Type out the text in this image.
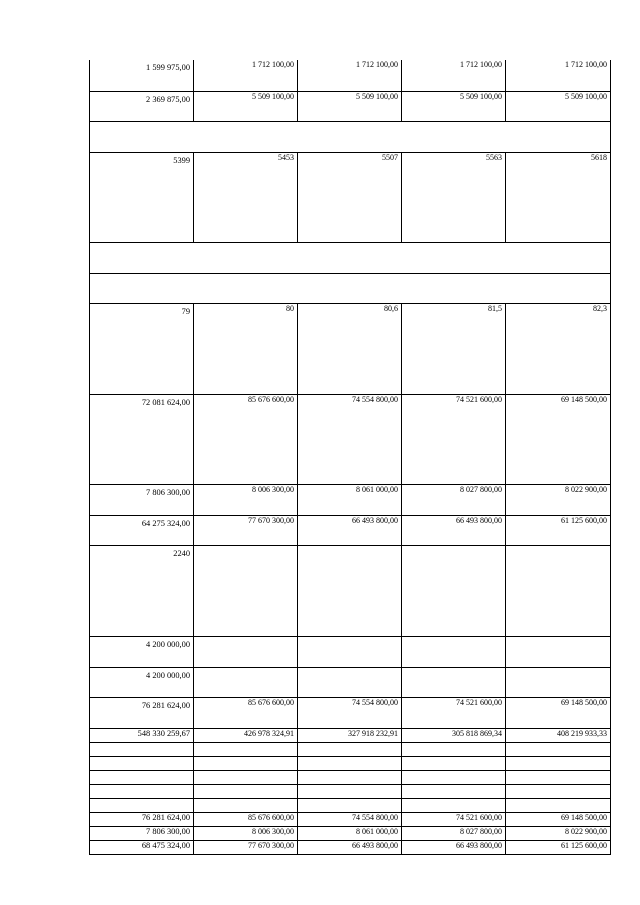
1 599 975,00	1 712 100,00	1 712 100,00	1 712 100,00	1 712 100,00
2 369 875,00	5 509 100,00	5 509 100,00	5 509 100,00	5 509 100,00

5399	5453	5507	5563	5618

79	80	80,6	81,5	82,3
72 081 624,00	85 676 600,00	74 554 800,00	74 521 600,00	69 148 500,00
7 806 300,00	8 006 300,00	8 061 000,00	8 027 800,00	8 022 900,00
64 275 324,00	77 670 300,00	66 493 800,00	66 493 800,00	61 125 600,00
2240				
4 200 000,00				
4 200 000,00				
76 281 624,00	85 676 600,00	74 554 800,00	74 521 600,00	69 148 500,00
548 330 259,67	426 978 324,91	327 918 232,91	305 818 869,34	408 219 933,33

76 281 624,00	85 676 600,00	74 554 800,00	74 521 600,00	69 148 500,00
7 806 300,00	8 006 300,00	8 061 000,00	8 027 800,00	8 022 900,00
68 475 324,00	77 670 300,00	66 493 800,00	66 493 800,00	61 125 600,00
